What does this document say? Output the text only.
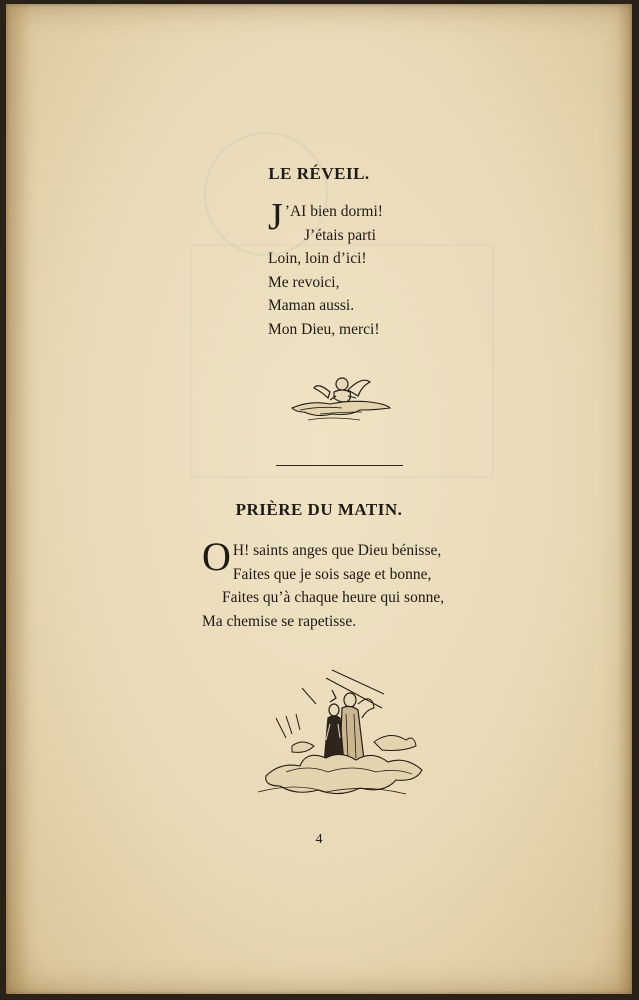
LE RÉVEIL.
J ’AI bien dormi!
J’étais parti
Loin, loin d’ici!
Me revoici,
Maman aussi.
Mon Dieu, merci!
PRIÈRE DU MATIN.
O H! saints anges que Dieu bénisse,
Faites que je sois sage et bonne,
Faites qu’à chaque heure qui sonne,
Ma chemise se rapetisse.
4
